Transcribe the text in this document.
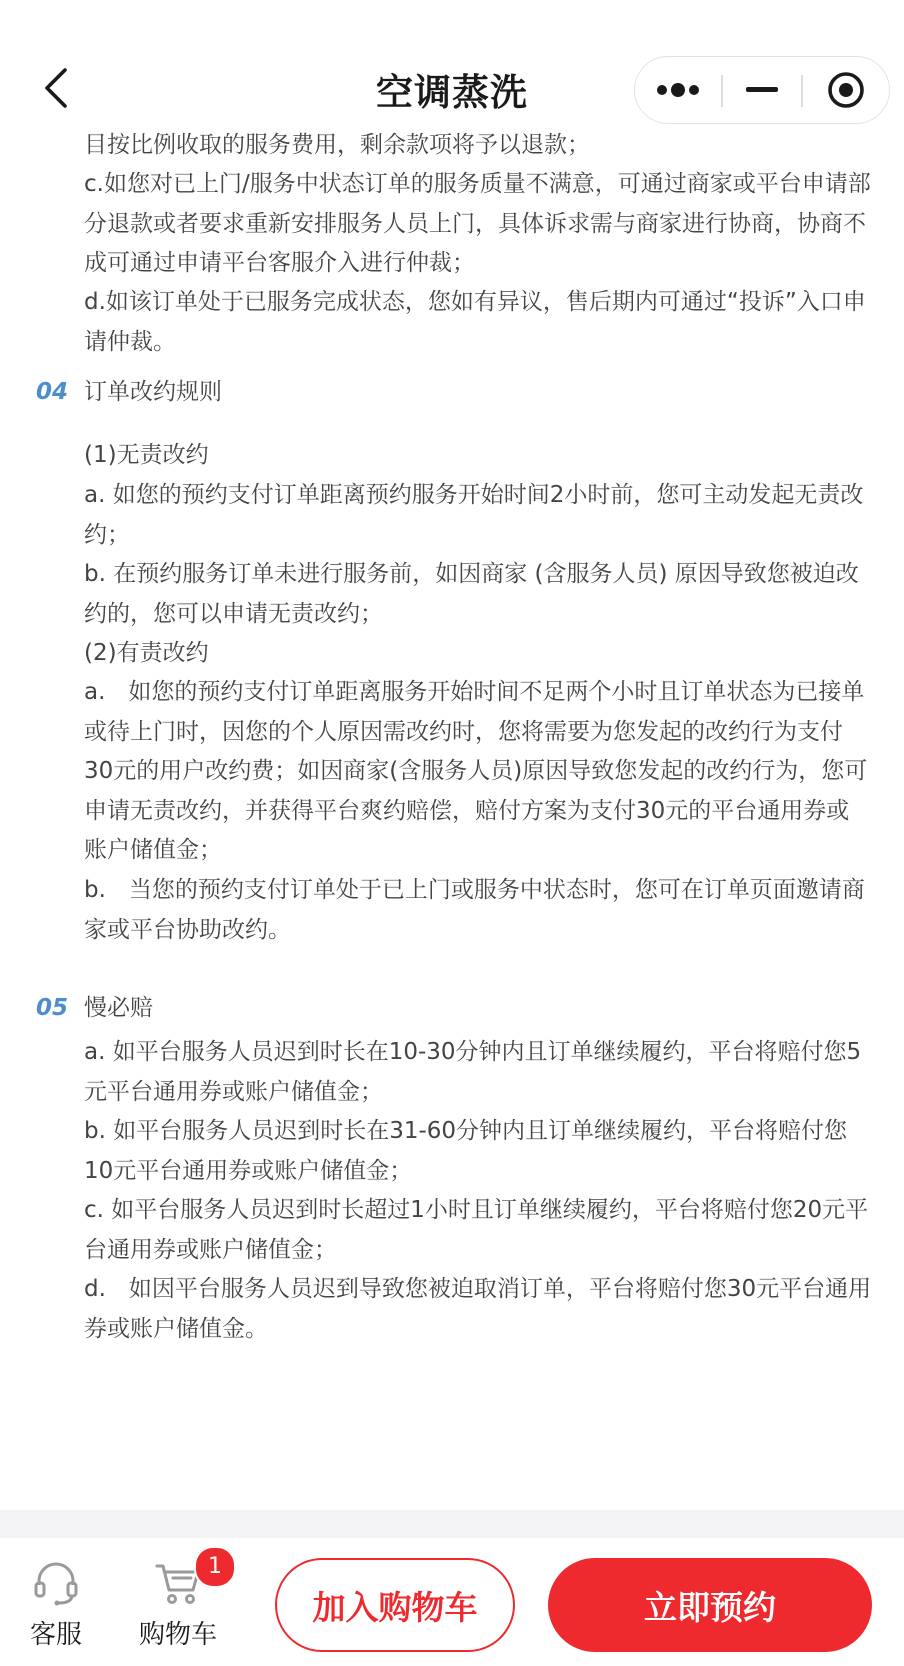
空调蒸洗

目按比例收取的服务费用，剩余款项将予以退款；

c.如您对已上门/服务中状态订单的服务质量不满意，可通过商家或平台申请部分退款或者要求重新安排服务人员上门，具体诉求需与商家进行协商，协商不成可通过申请平台客服介入进行仲裁；

d.如该订单处于已服务完成状态，您如有异议，售后期内可通过“投诉”入口申请仲裁。

04 订单改约规则

(1)无责改约

a. 如您的预约支付订单距离预约服务开始时间2小时前，您可主动发起无责改约；

b. 在预约服务订单未进行服务前，如因商家 (含服务人员) 原因导致您被迫改约的，您可以申请无责改约；

(2)有责改约

a.　如您的预约支付订单距离服务开始时间不足两个小时且订单状态为已接单或待上门时，因您的个人原因需改约时，您将需要为您发起的改约行为支付30元的用户改约费；如因商家(含服务人员)原因导致您发起的改约行为，您可申请无责改约，并获得平台爽约赔偿，赔付方案为支付30元的平台通用券或账户储值金；

b.　当您的预约支付订单处于已上门或服务中状态时，您可在订单页面邀请商家或平台协助改约。

05 慢必赔

a. 如平台服务人员迟到时长在10-30分钟内且订单继续履约，平台将赔付您5元平台通用券或账户储值金；

b. 如平台服务人员迟到时长在31-60分钟内且订单继续履约，平台将赔付您10元平台通用券或账户储值金；

c. 如平台服务人员迟到时长超过1小时且订单继续履约，平台将赔付您20元平台通用券或账户储值金；

d.　如因平台服务人员迟到导致您被迫取消订单，平台将赔付您30元平台通用券或账户储值金。

客服	购物车
1
加入购物车	立即预约
